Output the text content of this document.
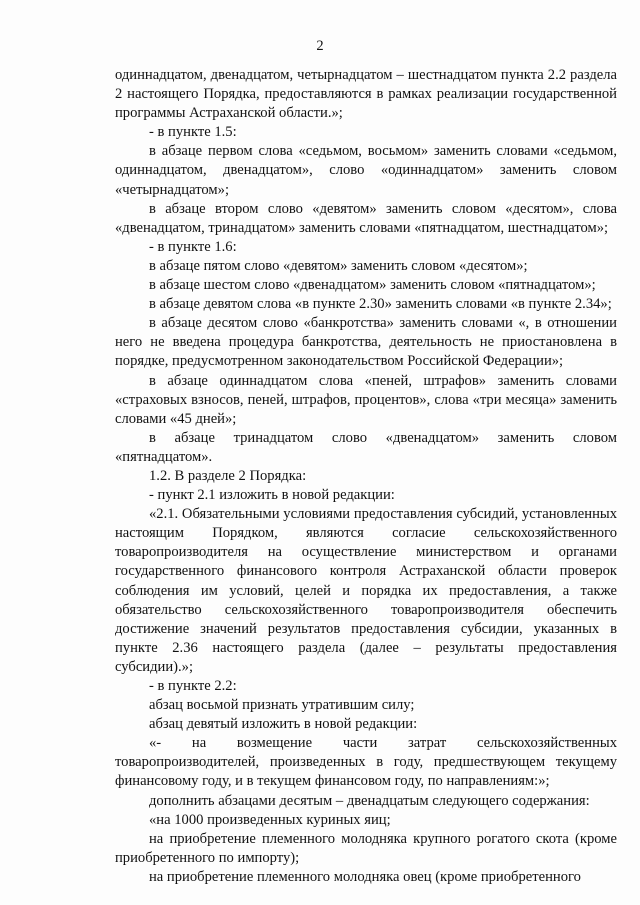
2

одиннадцатом, двенадцатом, четырнадцатом – шестнадцатом пункта 2.2 раздела 2 настоящего Порядка, предоставляются в рамках реализации государственной программы Астраханской области.»;

- в пункте 1.5:

в абзаце первом слова «седьмом, восьмом» заменить словами «седьмом, одиннадцатом, двенадцатом», слово «одиннадцатом» заменить словом «четырнадцатом»;

в абзаце втором слово «девятом» заменить словом «десятом», слова «двенадцатом, тринадцатом» заменить словами «пятнадцатом, шестнадцатом»;

- в пункте 1.6:

в абзаце пятом слово «девятом» заменить словом «десятом»;

в абзаце шестом слово «двенадцатом» заменить словом «пятнадцатом»;

в абзаце девятом слова «в пункте 2.30» заменить словами «в пункте 2.34»;

в абзаце десятом слово «банкротства» заменить словами «, в отношении него не введена процедура банкротства, деятельность не приостановлена в порядке, предусмотренном законодательством Российской Федерации»;

в абзаце одиннадцатом слова «пеней, штрафов» заменить словами «страховых взносов, пеней, штрафов, процентов», слова «три месяца» заменить словами «45 дней»;

в абзаце тринадцатом слово «двенадцатом» заменить словом «пятнадцатом».

1.2. В разделе 2 Порядка:

- пункт 2.1 изложить в новой редакции:

«2.1. Обязательными условиями предоставления субсидий, установленных настоящим Порядком, являются согласие сельскохозяйственного товаропроизводителя на осуществление министерством и органами государственного финансового контроля Астраханской области проверок соблюдения им условий, целей и порядка их предоставления, а также обязательство сельскохозяйственного товаропроизводителя обеспечить достижение значений результатов предоставления субсидии, указанных в пункте 2.36 настоящего раздела (далее – результаты предоставления субсидии).»;

- в пункте 2.2:

абзац восьмой признать утратившим силу;

абзац девятый изложить в новой редакции:

«- на возмещение части затрат сельскохозяйственных товаропроизводителей, произведенных в году, предшествующем текущему финансовому году, и в текущем финансовом году, по направлениям:»;

дополнить абзацами десятым – двенадцатым следующего содержания:

«на 1000 произведенных куриных яиц;

на приобретение племенного молодняка крупного рогатого скота (кроме приобретенного по импорту);

на приобретение племенного молодняка овец (кроме приобретенного
